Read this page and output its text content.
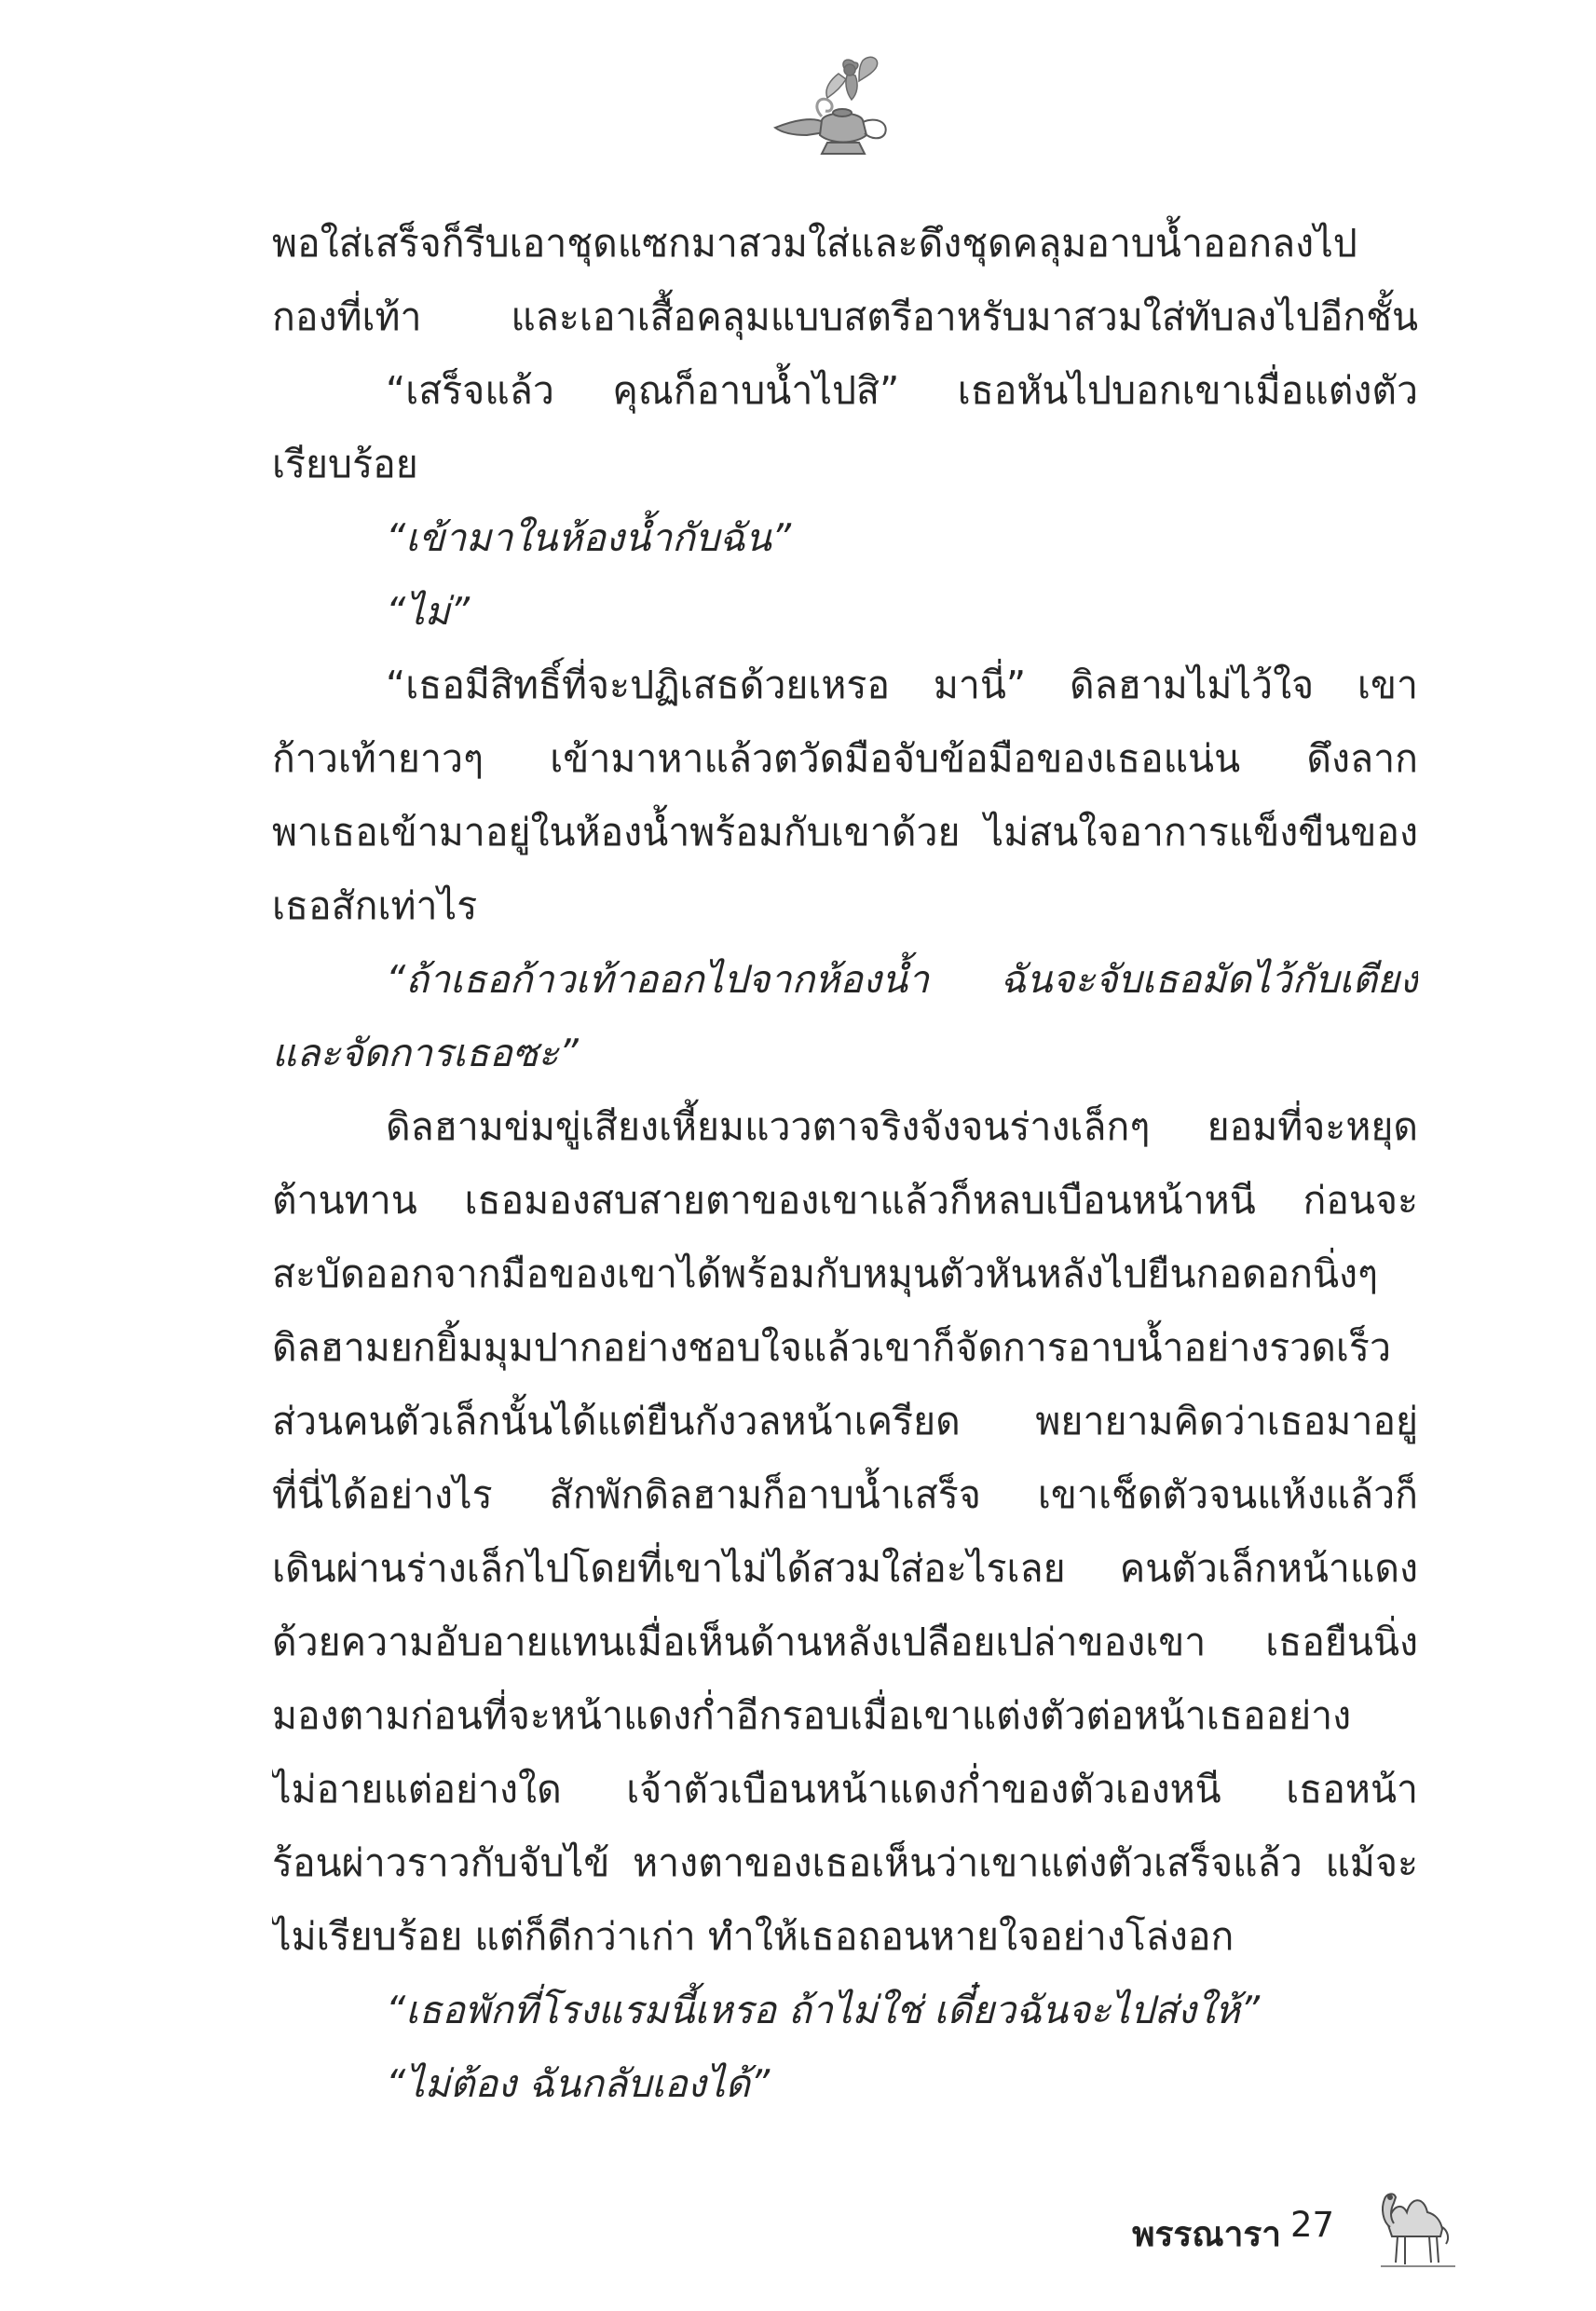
พอใส่เสร็จก็รีบเอาชุดแซกมาสวมใส่และดึงชุดคลุมอาบน้ำออกลงไป

กองที่เท้า และเอาเสื้อคลุมแบบสตรีอาหรับมาสวมใส่ทับลงไปอีกชั้น

“เสร็จแล้ว คุณก็อาบน้ำไปสิ” เธอหันไปบอกเขาเมื่อแต่งตัว

เรียบร้อย

“เข้ามาในห้องน้ำกับฉัน”

“ไม่”

“เธอมีสิทธิ์ที่จะปฏิเสธด้วยเหรอ มานี่” ดิลฮามไม่ไว้ใจ เขา

ก้าวเท้ายาวๆ เข้ามาหาแล้วตวัดมือจับข้อมือของเธอแน่น ดึงลาก

พาเธอเข้ามาอยู่ในห้องน้ำพร้อมกับเขาด้วย ไม่สนใจอาการแข็งขืนของ

เธอสักเท่าไร

“ถ้าเธอก้าวเท้าออกไปจากห้องน้ำ ฉันจะจับเธอมัดไว้กับเตียง

และจัดการเธอซะ”

ดิลฮามข่มขู่เสียงเหี้ยมแววตาจริงจังจนร่างเล็กๆ ยอมที่จะหยุด

ต้านทาน เธอมองสบสายตาของเขาแล้วก็หลบเบือนหน้าหนี ก่อนจะ

สะบัดออกจากมือของเขาได้พร้อมกับหมุนตัวหันหลังไปยืนกอดอกนิ่งๆ

ดิลฮามยกยิ้มมุมปากอย่างชอบใจแล้วเขาก็จัดการอาบน้ำอย่างรวดเร็ว

ส่วนคนตัวเล็กนั้นได้แต่ยืนกังวลหน้าเครียด พยายามคิดว่าเธอมาอยู่

ที่นี่ได้อย่างไร สักพักดิลฮามก็อาบน้ำเสร็จ เขาเช็ดตัวจนแห้งแล้วก็

เดินผ่านร่างเล็กไปโดยที่เขาไม่ได้สวมใส่อะไรเลย คนตัวเล็กหน้าแดง

ด้วยความอับอายแทนเมื่อเห็นด้านหลังเปลือยเปล่าของเขา เธอยืนนิ่ง

มองตามก่อนที่จะหน้าแดงก่ำอีกรอบเมื่อเขาแต่งตัวต่อหน้าเธออย่าง

ไม่อายแต่อย่างใด เจ้าตัวเบือนหน้าแดงก่ำของตัวเองหนี เธอหน้า

ร้อนผ่าวราวกับจับไข้ หางตาของเธอเห็นว่าเขาแต่งตัวเสร็จแล้ว แม้จะ

ไม่เรียบร้อย แต่ก็ดีกว่าเก่า ทำให้เธอถอนหายใจอย่างโล่งอก

“เธอพักที่โรงแรมนี้เหรอ ถ้าไม่ใช่ เดี๋ยวฉันจะไปส่งให้”

“ไม่ต้อง ฉันกลับเองได้”

พรรณารา 27
